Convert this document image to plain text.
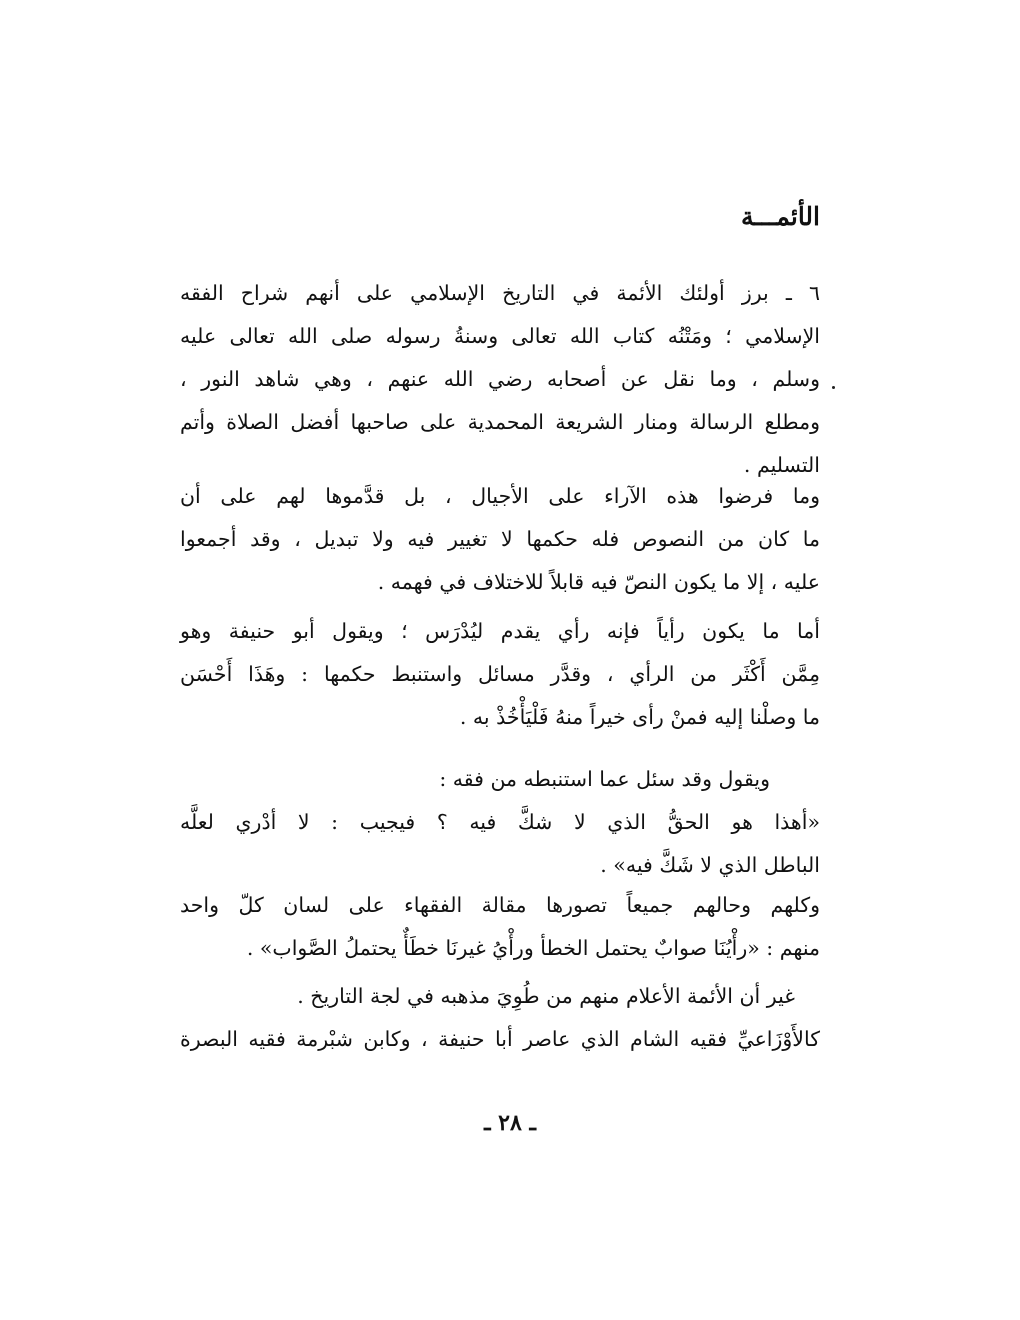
الأئمـــة
٦ ـ برز أولئك الأئمة في التاريخ الإسلامي على أنهم شراح الفقه
الإسلامي ؛ ومَتْنُه كتاب الله تعالى وسنةُ رسوله صلى الله تعالى عليه
وسلم ، وما نقل عن أصحابه رضي الله عنهم ، وهي شاهد النور ،
ومطلع الرسالة ومنار الشريعة المحمدية على صاحبها أفضل الصلاة وأتم
التسليم .
وما فرضوا هذه الآراء على الأجيال ، بل قدَّموها لهم على أن
ما كان من النصوص فله حكمها لا تغيير فيه ولا تبديل ، وقد أجمعوا
عليه ، إلا ما يكون النصّ فيه قابلاً للاختلاف في فهمه .
أما ما يكون رأياً فإنه رأي يقدم ليُدْرَس ؛ ويقول أبو حنيفة وهو
مِمَّن أَكْثَر من الرأي ، وقدَّر مسائل واستنبط حكمها : وهَذَا أَحْسَن
ما وصلْنا إليه فمنْ رأى خيراً منهُ فَلْيَأْخُذْ به .
ويقول وقد سئل عما استنبطه من فقه :
«أهذا هو الحقُّ الذي لا شكَّ فيه ؟ فيجيب : لا أدْري لعلَّه
الباطل الذي لا شَكَّ فيه» .
وكلهم وحالهم جميعاً تصورها مقالة الفقهاء على لسان كلّ واحد
منهم : «رأْيُنَا صوابٌ يحتمل الخطأ ورأْيُ غيرنَا خطَأٌ يحتملُ الصَّواب» .
غير أن الأئمة الأعلام منهم من طُوِيَ مذهبه في لجة التاريخ .
كالأَوْزَاعيِّ فقيه الشام الذي عاصر أبا حنيفة ، وكابن شبْرمة فقيه البصرة
ـ ٢٨ ـ
